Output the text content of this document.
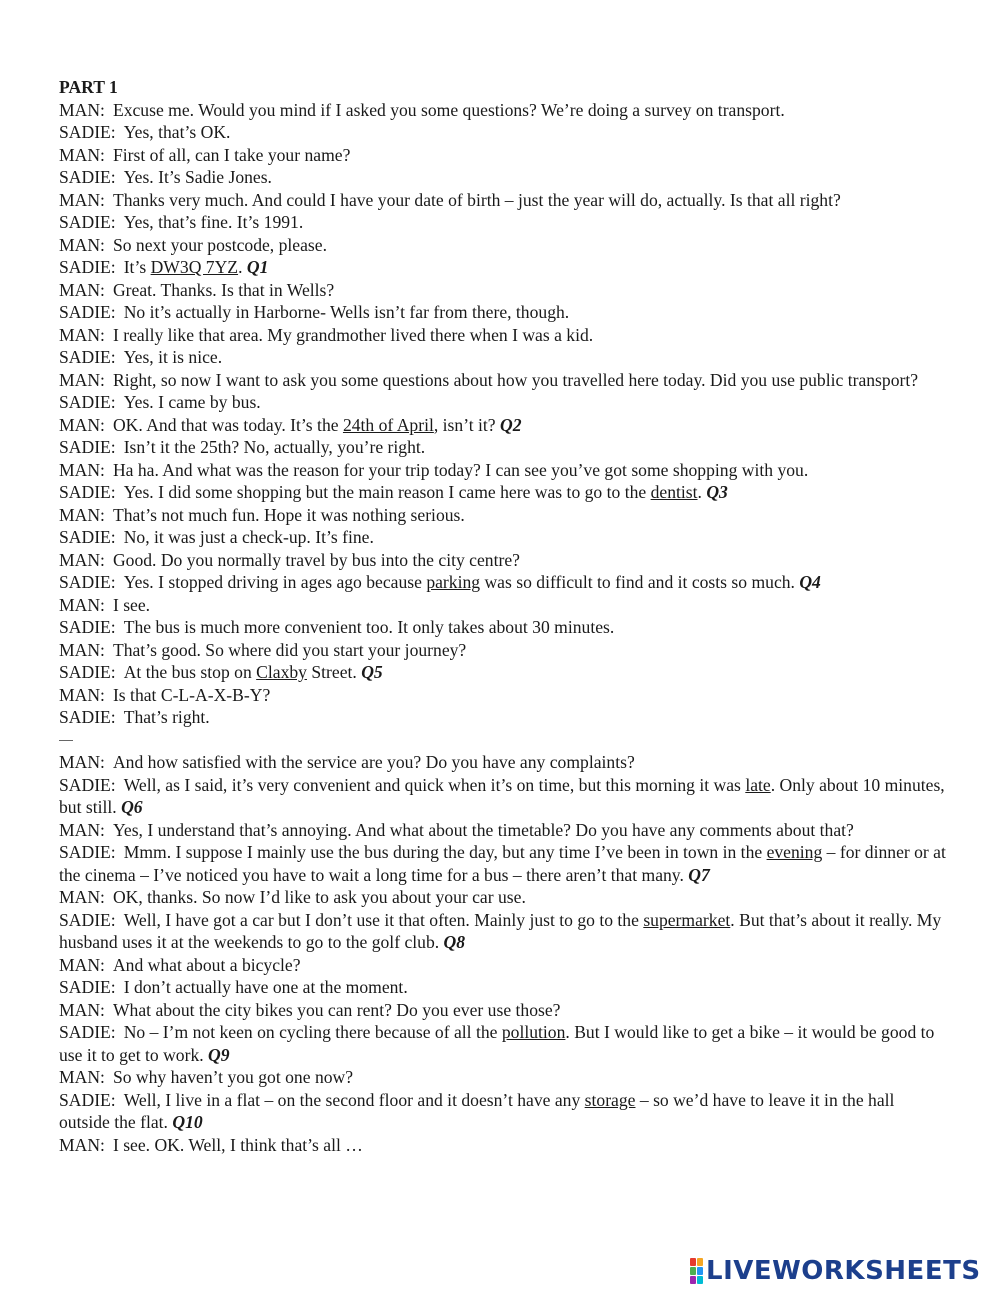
PART 1
MAN: Excuse me. Would you mind if I asked you some questions? We’re doing a survey on transport.
SADIE: Yes, that’s OK.
MAN: First of all, can I take your name?
SADIE: Yes. It’s Sadie Jones.
MAN: Thanks very much. And could I have your date of birth – just the year will do, actually. Is that all right?
SADIE: Yes, that’s fine. It’s 1991.
MAN: So next your postcode, please.
SADIE: It’s DW3Q 7YZ. Q1
MAN: Great. Thanks. Is that in Wells?
SADIE: No it’s actually in Harborne- Wells isn’t far from there, though.
MAN: I really like that area. My grandmother lived there when I was a kid.
SADIE: Yes, it is nice.
MAN: Right, so now I want to ask you some questions about how you travelled here today. Did you use public transport?
SADIE: Yes. I came by bus.
MAN: OK. And that was today. It’s the 24th of April, isn’t it? Q2
SADIE: Isn’t it the 25th? No, actually, you’re right.
MAN: Ha ha. And what was the reason for your trip today? I can see you’ve got some shopping with you.
SADIE: Yes. I did some shopping but the main reason I came here was to go to the dentist. Q3
MAN: That’s not much fun. Hope it was nothing serious.
SADIE: No, it was just a check-up. It’s fine.
MAN: Good. Do you normally travel by bus into the city centre?
SADIE: Yes. I stopped driving in ages ago because parking was so difficult to find and it costs so much. Q4
MAN: I see.
SADIE: The bus is much more convenient too. It only takes about 30 minutes.
MAN: That’s good. So where did you start your journey?
SADIE: At the bus stop on Claxby Street. Q5
MAN: Is that C-L-A-X-B-Y?
SADIE: That’s right.
MAN: And how satisfied with the service are you? Do you have any complaints?
SADIE: Well, as I said, it’s very convenient and quick when it’s on time, but this morning it was late. Only about 10 minutes, but still. Q6
MAN: Yes, I understand that’s annoying. And what about the timetable? Do you have any comments about that?
SADIE: Mmm. I suppose I mainly use the bus during the day, but any time I’ve been in town in the evening – for dinner or at the cinema – I’ve noticed you have to wait a long time for a bus – there aren’t that many. Q7
MAN: OK, thanks. So now I’d like to ask you about your car use.
SADIE: Well, I have got a car but I don’t use it that often. Mainly just to go to the supermarket. But that’s about it really. My husband uses it at the weekends to go to the golf club. Q8
MAN: And what about a bicycle?
SADIE: I don’t actually have one at the moment.
MAN: What about the city bikes you can rent? Do you ever use those?
SADIE: No – I’m not keen on cycling there because of all the pollution. But I would like to get a bike – it would be good to use it to get to work. Q9
MAN: So why haven’t you got one now?
SADIE: Well, I live in a flat – on the second floor and it doesn’t have any storage – so we’d have to leave it in the hall outside the flat. Q10
MAN: I see. OK. Well, I think that’s all …
LIVEWORKSHEETS
